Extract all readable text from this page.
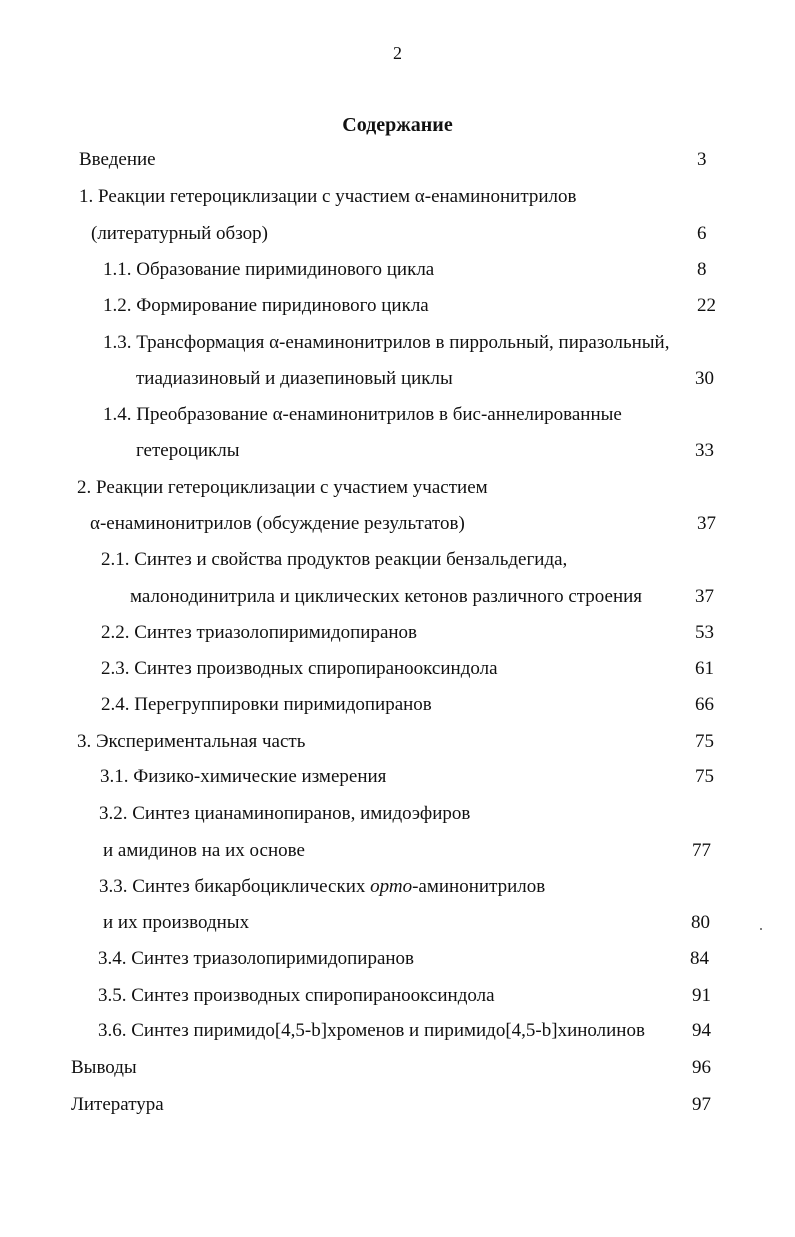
2
Содержание
Введение	3
1. Реакции гетероциклизации с участием α-енаминонитрилов
(литературный обзор)	6
1.1. Образование пиримидинового цикла	8
1.2. Формирование пиридинового цикла	22
1.3. Трансформация α-енаминонитрилов в пиррольный, пиразольный,
тиадиазиновый и диазепиновый циклы	30
1.4. Преобразование α-енаминонитрилов в бис-аннелированные
гетероциклы	33
2. Реакции гетероциклизации с участием участием
α-енаминонитрилов (обсуждение результатов)	37
2.1. Синтез и свойства продуктов реакции бензальдегида,
малонодинитрила и циклических кетонов различного строения	37
2.2. Синтез триазолопиримидопиранов	53
2.3. Синтез производных спиропиранооксиндола	61
2.4. Перегруппировки пиримидопиранов	66
3. Экспериментальная часть	75
3.1. Физико-химические измерения	75
3.2. Синтез цианаминопиранов, имидоэфиров
и амидинов на их основе	77
3.3. Синтез бикарбоциклических орто-аминонитрилов
и их производных	80
3.4. Синтез триазолопиримидопиранов	84
3.5. Синтез производных спиропиранооксиндола	91
3.6. Синтез пиримидо[4,5-b]хроменов и пиримидо[4,5-b]хинолинов 94
Выводы	96
Литература	97
